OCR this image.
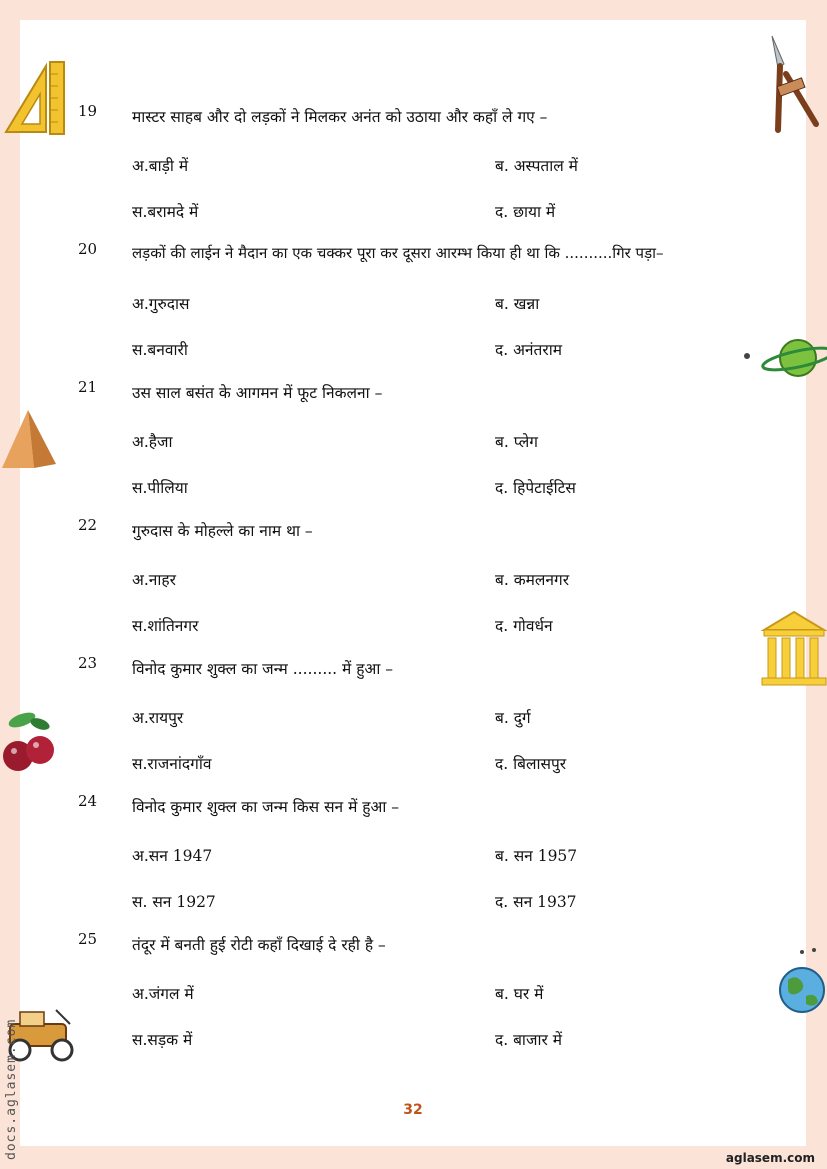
19 मास्टर साहब और दो लड़कों ने मिलकर अनंत को उठाया और कहाँ ले गए –
अ.बाड़ी में	ब. अस्पताल में
स.बरामदे में	द. छाया में
20 लड़कों की लाईन ने मैदान का एक चक्कर पूरा कर दूसरा आरम्भ किया ही था कि ..........गिर पड़ा–
अ.गुरुदास	ब. खन्ना
स.बनवारी	द. अनंतराम
21 उस साल बसंत के आगमन में फूट निकलना –
अ.हैजा	ब. प्लेग
स.पीलिया	द. हिपेटाईटिस
22 गुरुदास के मोहल्ले का नाम था –
अ.नाहर	ब. कमलनगर
स.शांतिनगर	द. गोवर्धन
23 विनोद कुमार शुक्ल का जन्म ......... में हुआ –
अ.रायपुर	ब. दुर्ग
स.राजनांदगाँव	द. बिलासपुर
24 विनोद कुमार शुक्ल का जन्म किस सन में हुआ –
अ.सन 1947	ब. सन 1957
स. सन 1927	द. सन 1937
25 तंदूर में बनती हुई रोटी कहाँ दिखाई दे रही है –
अ.जंगल में	ब. घर में
स.सड़क में	द. बाजार में
32
docs.aglasem.com	aglasem.com
